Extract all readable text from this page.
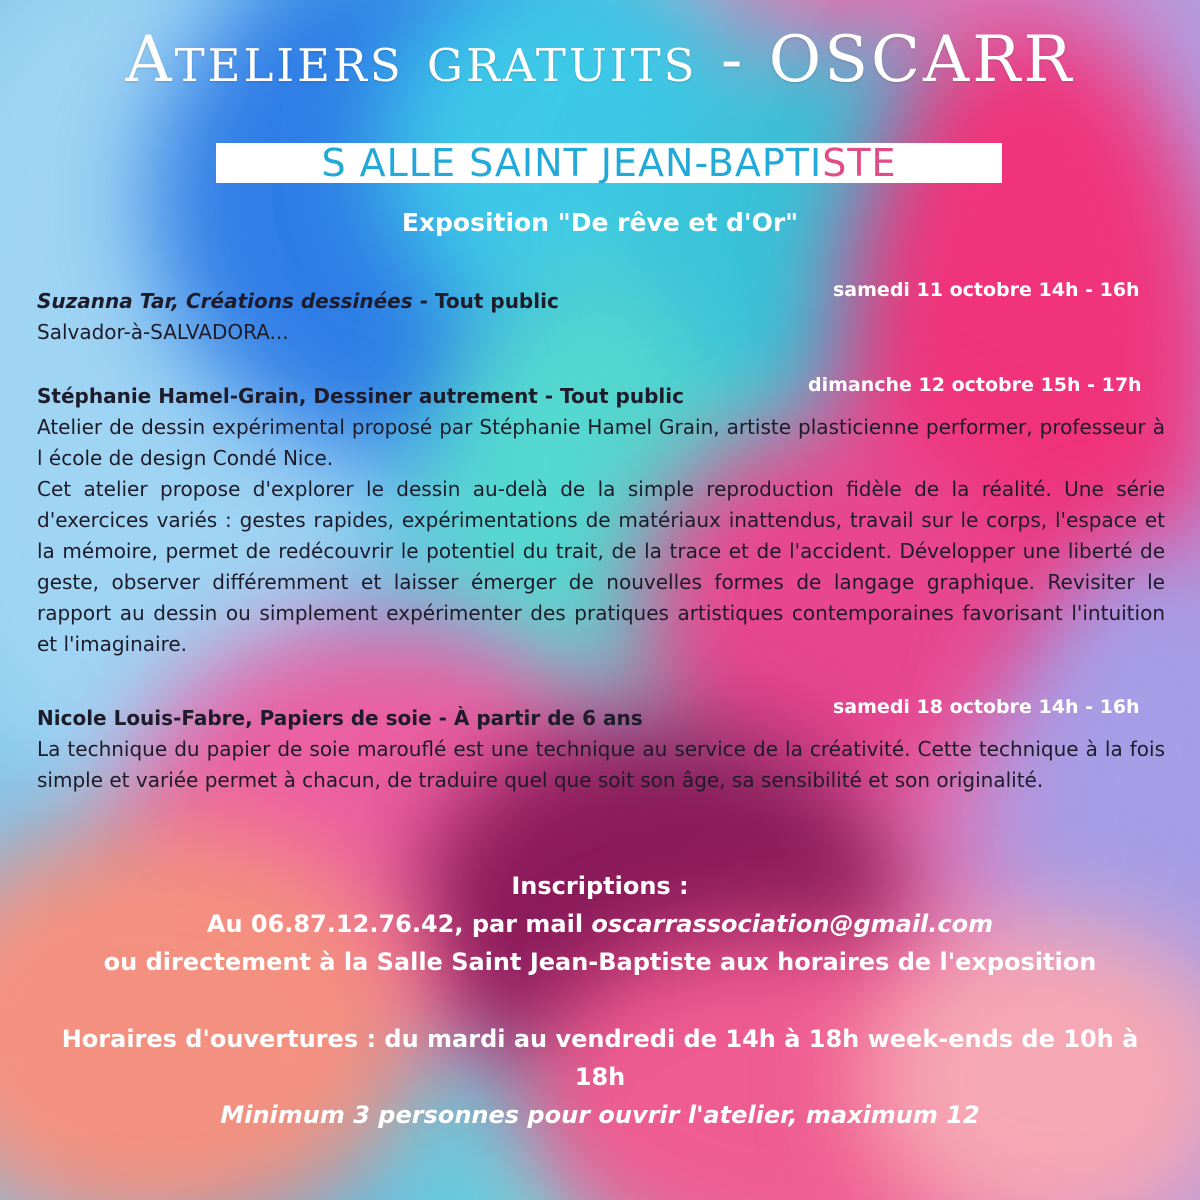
Ateliers gratuits - OSCARR
S ALLE SAINT JEAN-BAPTISTE
Exposition "De rêve et d'Or"
samedi 11 octobre 14h - 16h
Suzanna Tar, Créations dessinées - Tout public

Salvador-à-SALVADORA...

dimanche 12 octobre 15h - 17h
Stéphanie Hamel-Grain, Dessiner autrement - Tout public

Atelier de dessin expérimental proposé par Stéphanie Hamel Grain, artiste plasticienne performer, professeur à l école de design Condé Nice.

Cet atelier propose d'explorer le dessin au-delà de la simple reproduction fidèle de la réalité. Une série d'exercices variés : gestes rapides, expérimentations de matériaux inattendus, travail sur le corps, l'espace et la mémoire, permet de redécouvrir le potentiel du trait, de la trace et de l'accident. Développer une liberté de geste, observer différemment et laisser émerger de nouvelles formes de langage graphique. Revisiter le rapport au dessin ou simplement expérimenter des pratiques artistiques contemporaines favorisant l'intuition et l'imaginaire.

samedi 18 octobre 14h - 16h
Nicole Louis-Fabre, Papiers de soie - À partir de 6 ans

La technique du papier de soie marouflé est une technique au service de la créativité. Cette technique à la fois simple et variée permet à chacun, de traduire quel que soit son âge, sa sensibilité et son originalité.

Inscriptions :
Au 06.87.12.76.42, par mail oscarrassociation@gmail.com
ou directement à la Salle Saint Jean-Baptiste aux horaires de l'exposition
Horaires d'ouvertures : du mardi au vendredi de 14h à 18h week-ends de 10h à 18h
Minimum 3 personnes pour ouvrir l'atelier, maximum 12
